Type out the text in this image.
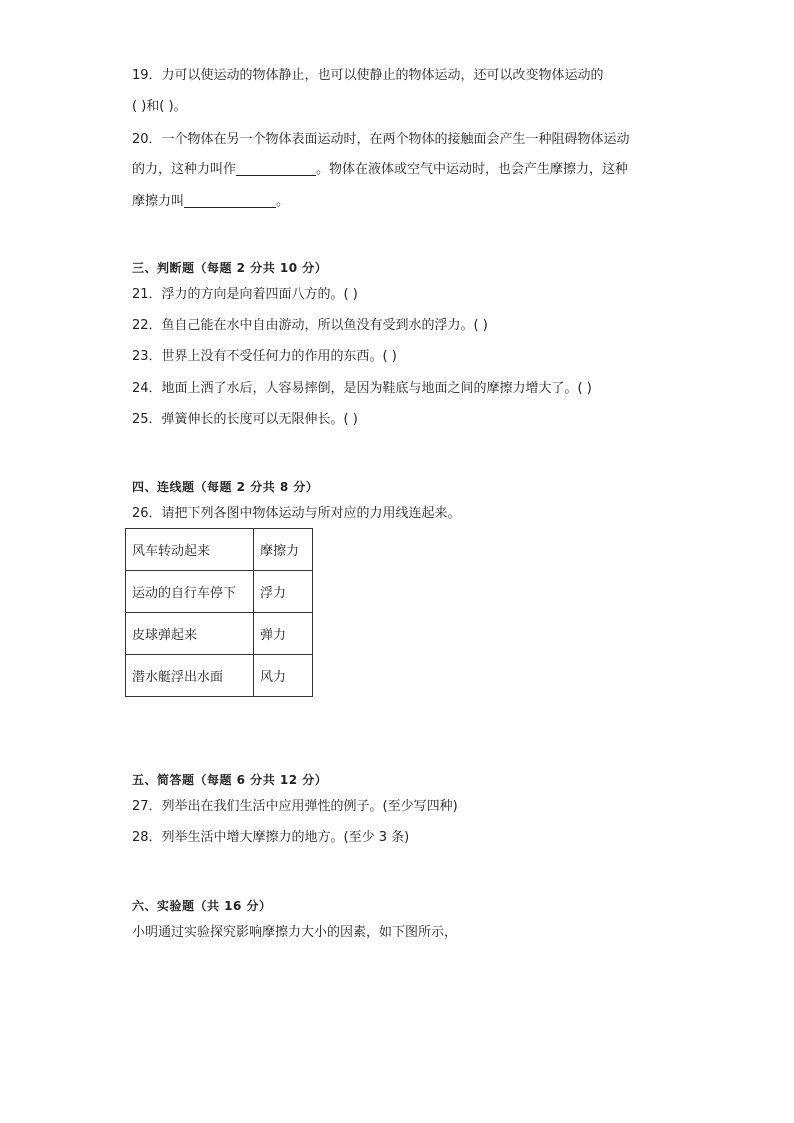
19．力可以使运动的物体静止，也可以使静止的物体运动，还可以改变物体运动的
( )和( )。
20．一个物体在另一个物体表面运动时，在两个物体的接触面会产生一种阻碍物体运动
的力，这种力叫作	。物体在液体或空气中运动时，也会产生摩擦力，这种
摩擦力叫	。
三、判断题（每题 2 分共 10 分）
21．浮力的方向是向着四面八方的。( )
22．鱼自己能在水中自由游动，所以鱼没有受到水的浮力。( )
23．世界上没有不受任何力的作用的东西。( )
24．地面上洒了水后，人容易摔倒，是因为鞋底与地面之间的摩擦力增大了。( )
25．弹簧伸长的长度可以无限伸长。( )
四、连线题（每题 2 分共 8 分）
26．请把下列各图中物体运动与所对应的力用线连起来。
风车转动起来	摩擦力
运动的自行车停下	浮力
皮球弹起来	弹力
潜水艇浮出水面	风力
五、简答题（每题 6 分共 12 分）
27．列举出在我们生活中应用弹性的例子。(至少写四种)
28．列举生活中增大摩擦力的地方。(至少 3 条)
六、实验题（共 16 分）
小明通过实验探究影响摩擦力大小的因素，如下图所示，
